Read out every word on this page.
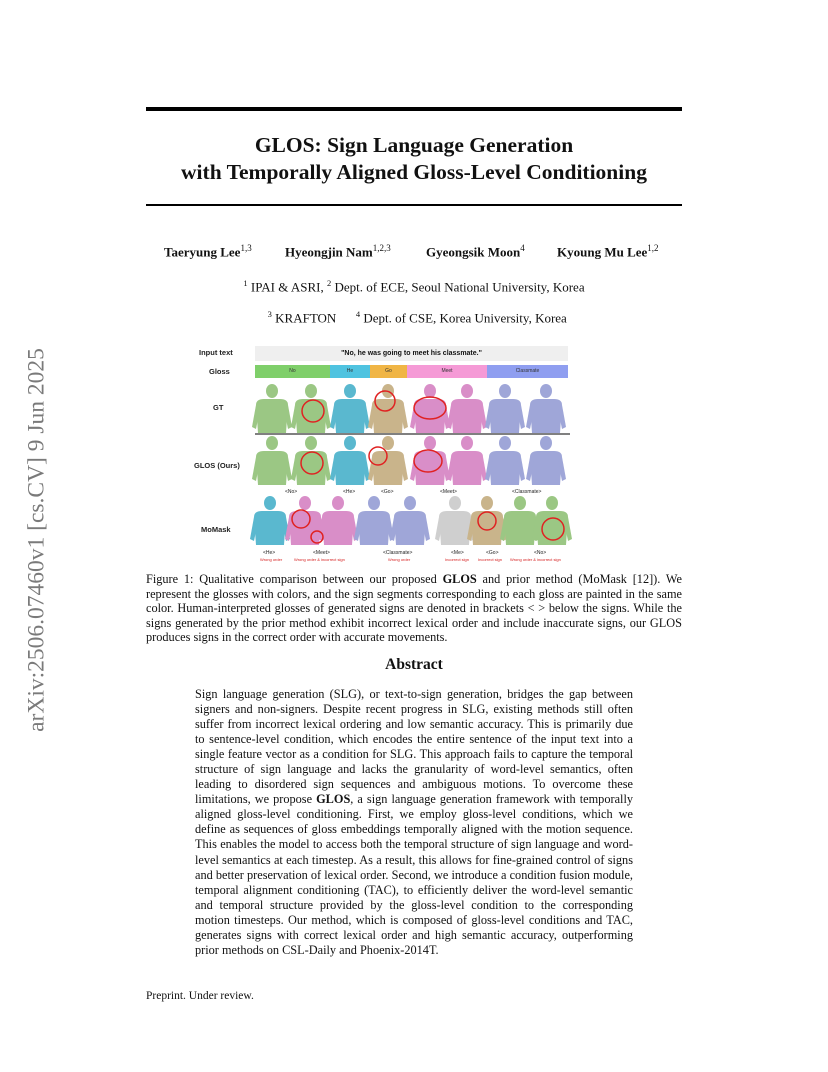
GLOS: Sign Language Generation
with Temporally Aligned Gloss-Level Conditioning
Taeryung Lee$^{1,3}$	Hyeongjin Nam$^{1,2,3}$	Gyeongsik Moon$^4$ Kyoung Mu Lee$^{1,2}$
$^1$ IPAI & ASRI, $^2$ Dept. of ECE, Seoul National University, Korea

$^3$ KRAFTON      $^4$ Dept. of CSE, Korea University, Korea

arXiv:2506.07460v1 [cs.CV] 9 Jun 2025	Input text
Gloss
GT
GLOS (Ours)
MoMask
"No, he was going to meet his classmate."
No	He	Go	Meet	Classmate
<No>	<He>	<Go>	<Meet>	<Classmate>
<He>	<Meet>	<Classmate>	<Me>	<Go>	<No>
Wrong order	Wrong order & incorrect sign	Wrong order	Incorrect sign Incorrect sign Wrong order & incorrect sign
Figure 1: Qualitative comparison between our proposed GLOS and prior method (MoMask [12]). We represent the glosses with colors, and the sign segments corresponding to each gloss are painted in the same color. Human-interpreted glosses of generated signs are denoted in brackets < > below the signs. While the signs generated by the prior method exhibit incorrect lexical order and include inaccurate signs, our GLOS produces signs in the correct order with accurate movements.
Abstract
Sign language generation (SLG), or text-to-sign generation, bridges the gap between signers and non-signers. Despite recent progress in SLG, existing methods still often suffer from incorrect lexical ordering and low semantic accuracy. This is primarily due to sentence-level condition, which encodes the entire sentence of the input text into a single feature vector as a condition for SLG. This approach fails to capture the temporal structure of sign language and lacks the granularity of word-level semantics, often leading to disordered sign sequences and ambiguous motions. To overcome these limitations, we propose GLOS, a sign language generation framework with temporally aligned gloss-level conditioning. First, we employ gloss-level conditions, which we define as sequences of gloss embeddings temporally aligned with the motion sequence. This enables the model to access both the temporal structure of sign language and word-level semantics at each timestep. As a result, this allows for fine-grained control of signs and better preservation of lexical order. Second, we introduce a condition fusion module, temporal alignment conditioning (TAC), to efficiently deliver the word-level semantic and temporal structure provided by the gloss-level condition to the corresponding motion timesteps. Our method, which is composed of gloss-level conditions and TAC, generates signs with correct lexical order and high semantic accuracy, outperforming prior methods on CSL-Daily and Phoenix-2014T.
Preprint. Under review.
